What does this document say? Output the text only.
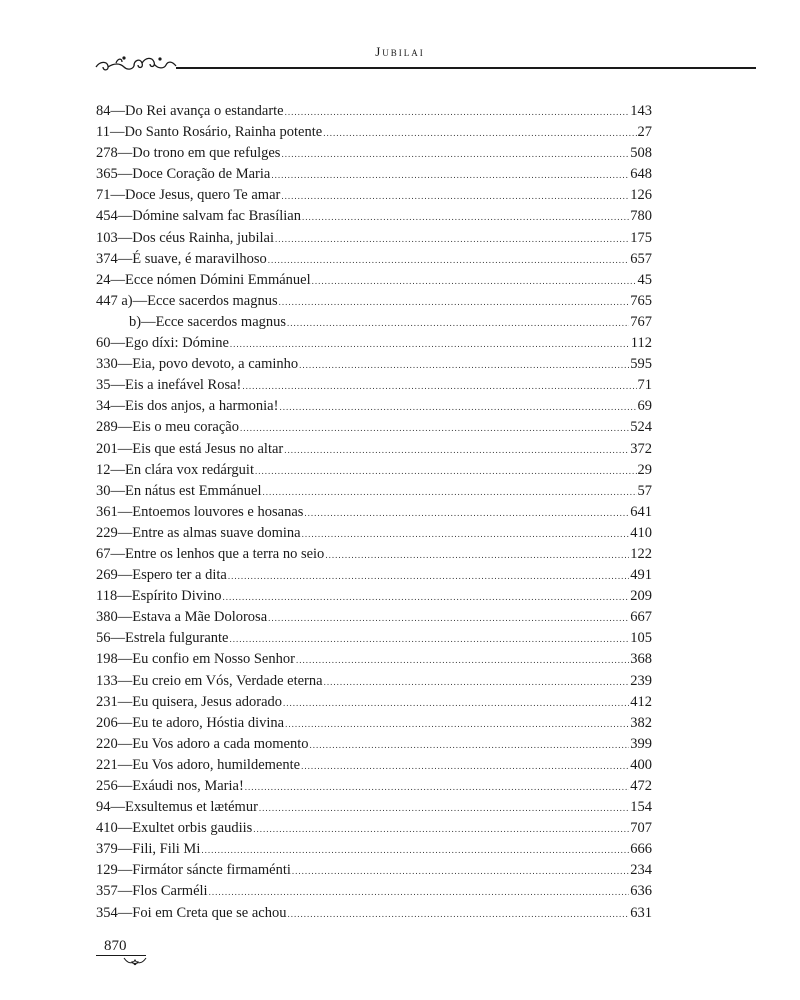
Jubilai
84—Do Rei avança o estandarte .....	143
11—Do Santo Rosário, Rainha potente .....	27
278—Do trono em que refulges .....	508
365—Doce Coração de Maria .....	648
71—Doce Jesus, quero Te amar .....	126
454—Dómine salvam fac Brasílian .....	780
103—Dos céus Rainha, jubilai .....	175
374—É suave, é maravilhoso .....	657
24—Ecce nómen Dómini Emmánuel .....	45
447 a)—Ecce sacerdos magnus .....	765
b)—Ecce sacerdos magnus .....	767
60—Ego díxi: Dómine .....	112
330—Eia, povo devoto, a caminho .....	595
35—Eis a inefável Rosa! .....	71
34—Eis dos anjos, a harmonia! .....	69
289—Eis o meu coração .....	524
201—Eis que está Jesus no altar .....	372
12—En clára vox redárguit .....	29
30—En nátus est Emmánuel .....	57
361—Entoemos louvores e hosanas .....	641
229—Entre as almas suave domina .....	410
67—Entre os lenhos que a terra no seio .....	122
269—Espero ter a dita .....	491
118—Espírito Divino .....	209
380—Estava a Mãe Dolorosa .....	667
56—Estrela fulgurante .....	105
198—Eu confio em Nosso Senhor .....	368
133—Eu creio em Vós, Verdade eterna .....	239
231—Eu quisera, Jesus adorado .....	412
206—Eu te adoro, Hóstia divina .....	382
220—Eu Vos adoro a cada momento .....	399
221—Eu Vos adoro, humildemente .....	400
256—Exáudi nos, Maria! .....	472
94—Exsultemus et lætémur .....	154
410—Exultet orbis gaudiis .....	707
379—Fili, Fili Mi .....	666
129—Firmátor sáncte firmaménti .....	234
357—Flos Carméli .....	636
354—Foi em Creta que se achou .....	631
870
